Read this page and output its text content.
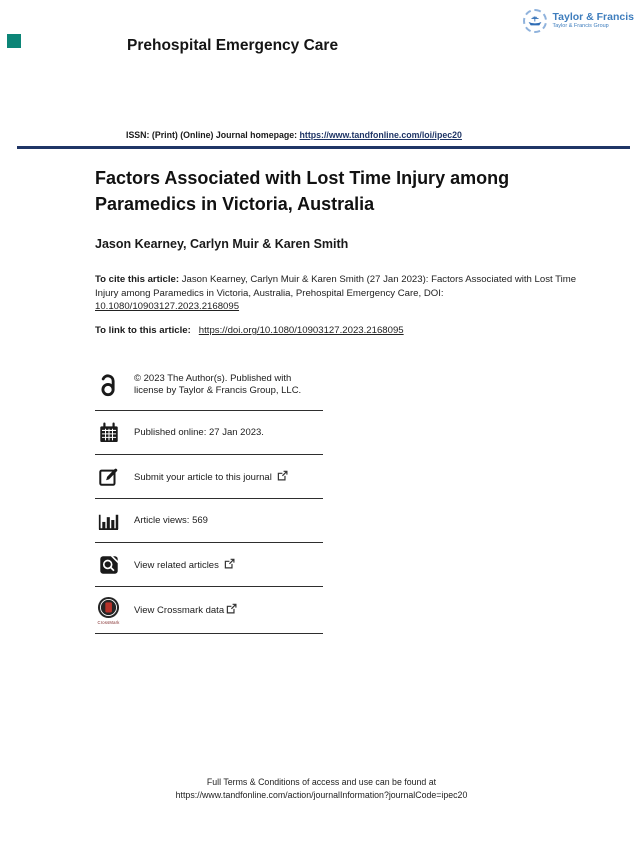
Prehospital Emergency Care
Taylor & Francis
Taylor & Francis Group
ISSN: (Print) (Online) Journal homepage: https://www.tandfonline.com/loi/ipec20
Factors Associated with Lost Time Injury among Paramedics in Victoria, Australia
Jason Kearney, Carlyn Muir & Karen Smith

To cite this article: Jason Kearney, Carlyn Muir & Karen Smith (27 Jan 2023): Factors Associated with Lost Time Injury among Paramedics in Victoria, Australia, Prehospital Emergency Care, DOI: 10.1080/10903127.2023.2168095

To link to this article: https://doi.org/10.1080/10903127.2023.2168095

© 2023 The Author(s). Published with license by Taylor & Francis Group, LLC.
Published online: 27 Jan 2023.
Submit your article to this journal
Article views: 569
View related articles
CrossMark
View Crossmark data
Full Terms & Conditions of access and use can be found at
https://www.tandfonline.com/action/journalInformation?journalCode=ipec20
